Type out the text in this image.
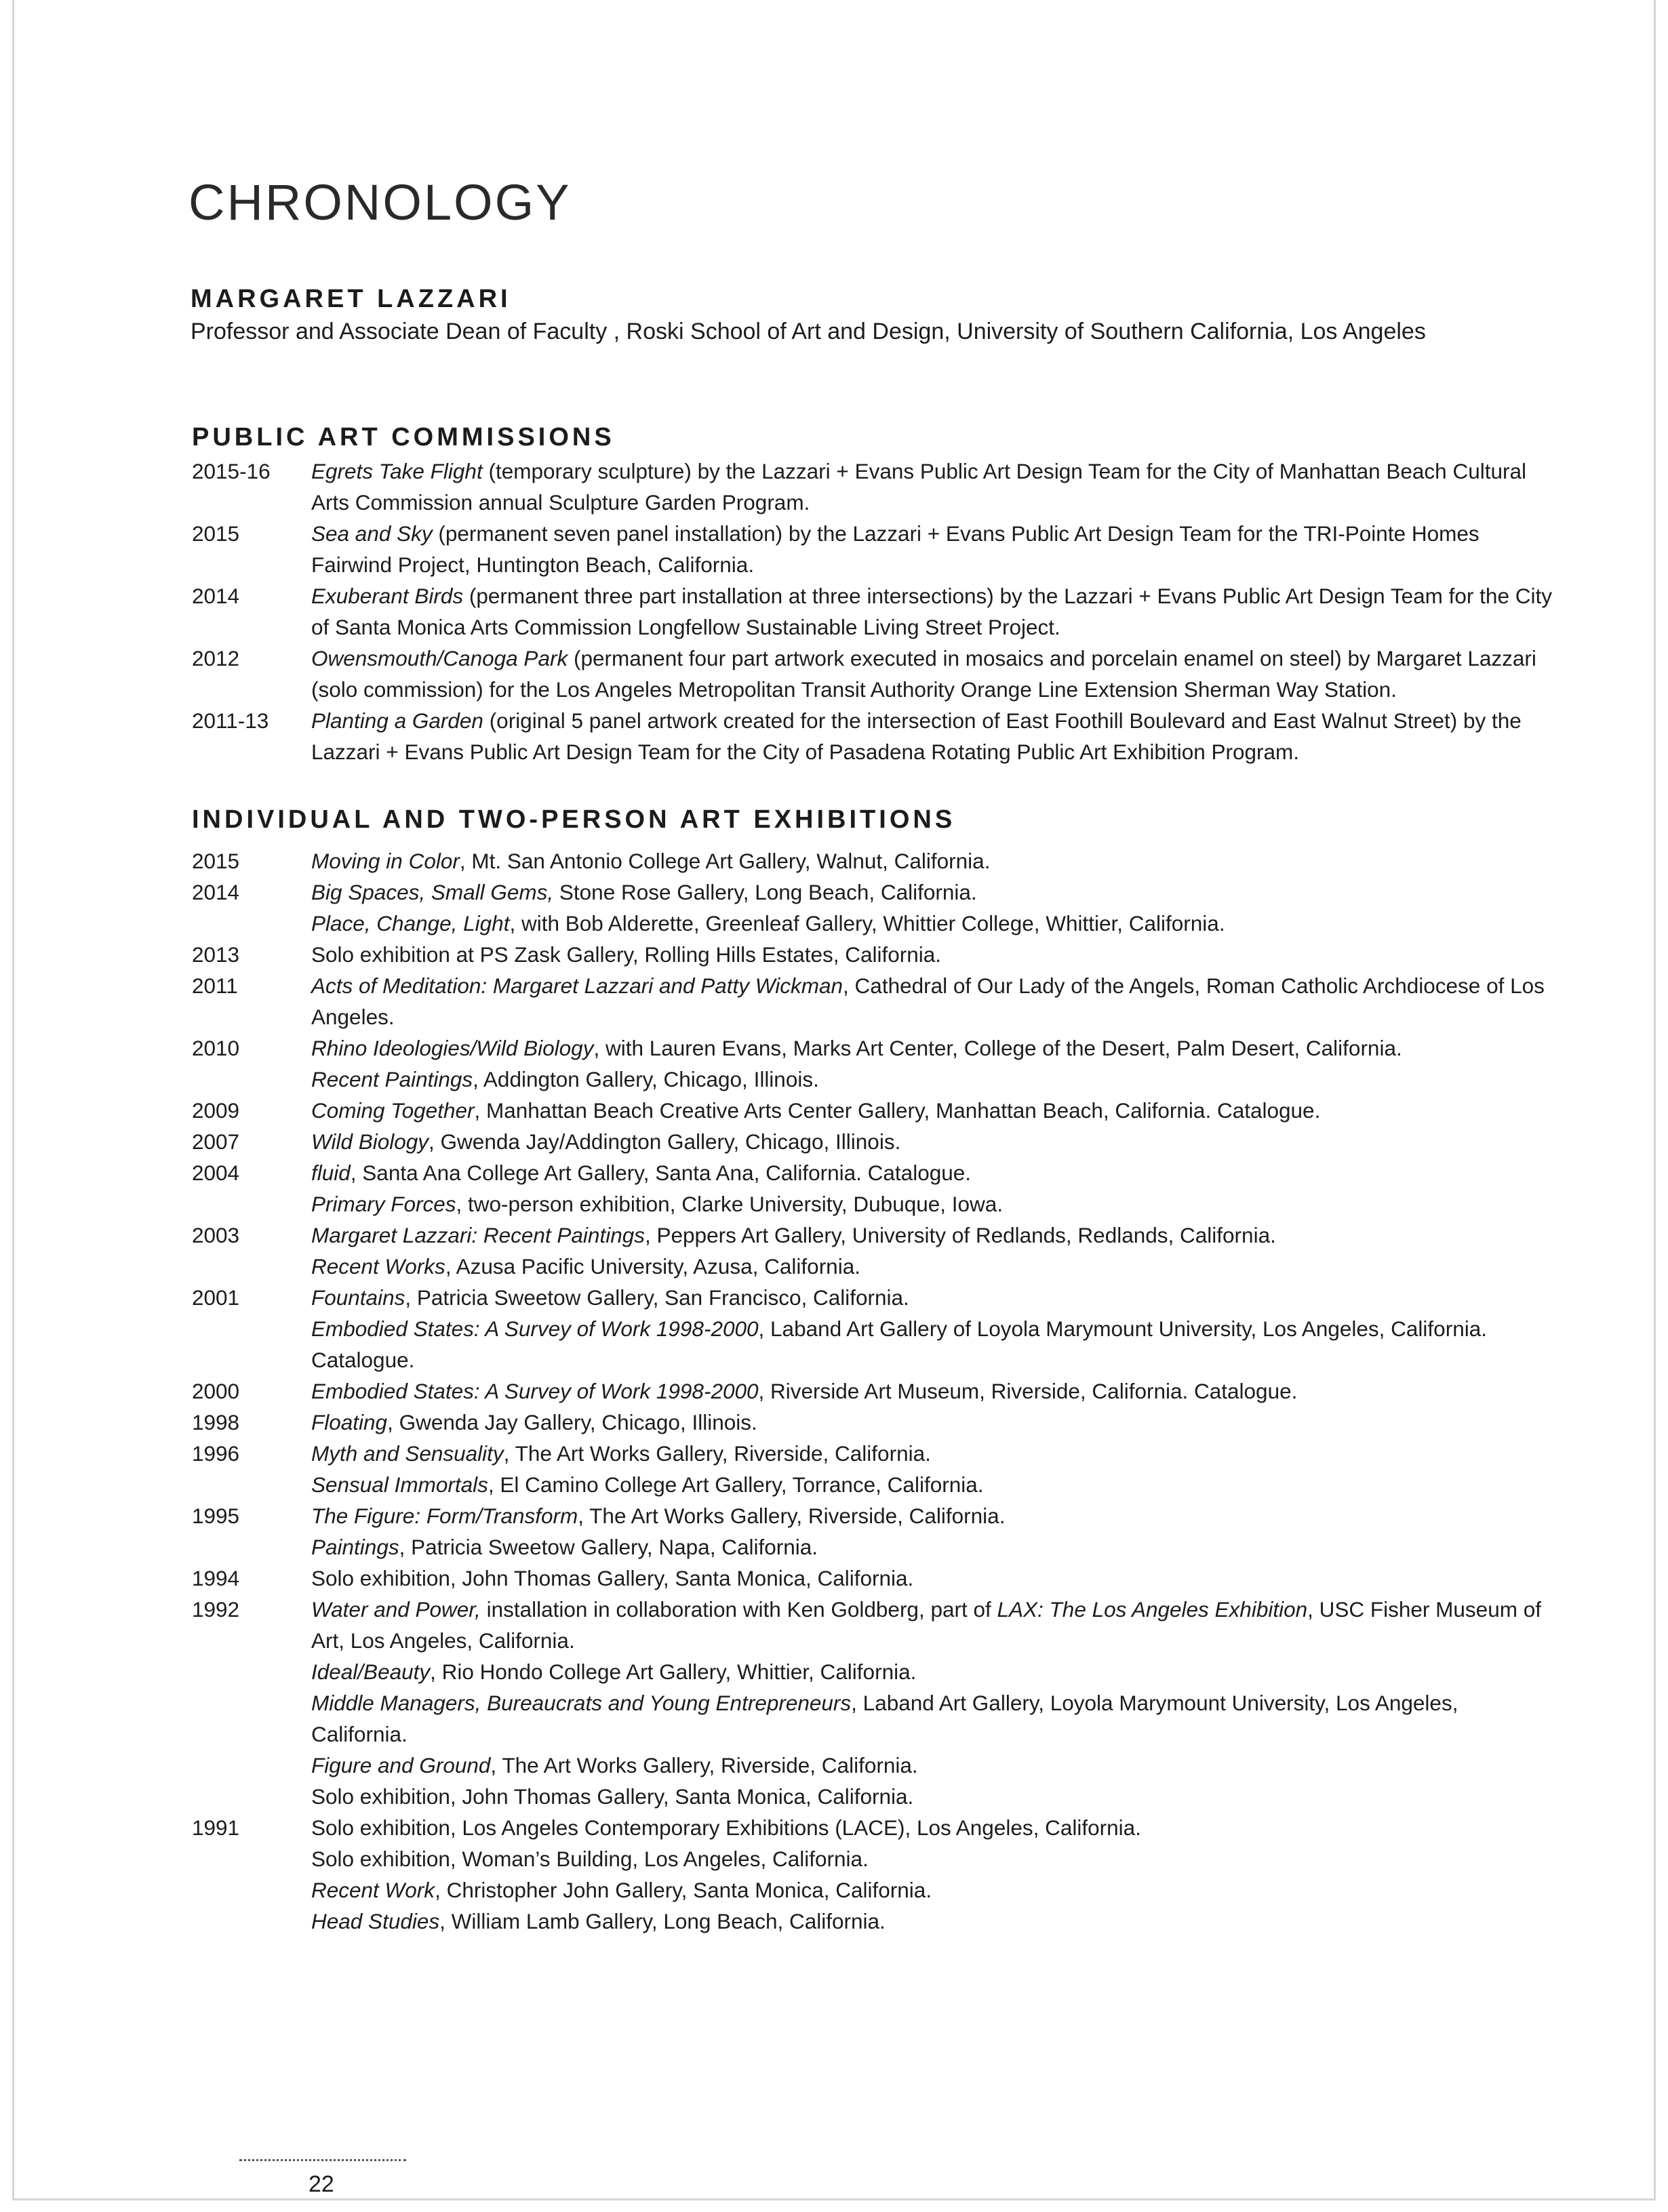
CHRONOLOGY
MARGARET LAZZARI
Professor and Associate Dean of Faculty , Roski School of Art and Design, University of Southern California, Los Angeles
PUBLIC ART COMMISSIONS
2015-16	Egrets Take Flight (temporary sculpture) by the Lazzari + Evans Public Art Design Team for the City of Manhattan Beach Cultural Arts Commission annual Sculpture Garden Program.
2015	Sea and Sky (permanent seven panel installation) by the Lazzari + Evans Public Art Design Team for the TRI-Pointe Homes Fairwind Project, Huntington Beach, California.
2014	Exuberant Birds (permanent three part installation at three intersections) by the Lazzari + Evans Public Art Design Team for the City of Santa Monica Arts Commission Longfellow Sustainable Living Street Project.
2012	Owensmouth/Canoga Park (permanent four part artwork executed in mosaics and porcelain enamel on steel) by Margaret Lazzari (solo commission) for the Los Angeles Metropolitan Transit Authority Orange Line Extension Sherman Way Station.
2011-13	Planting a Garden (original 5 panel artwork created for the intersection of East Foothill Boulevard and East Walnut Street) by the Lazzari + Evans Public Art Design Team for the City of Pasadena Rotating Public Art Exhibition Program.
INDIVIDUAL AND TWO-PERSON ART EXHIBITIONS
2015	Moving in Color, Mt. San Antonio College Art Gallery, Walnut, California.
2014	Big Spaces, Small Gems, Stone Rose Gallery, Long Beach, California.
Place, Change, Light, with Bob Alderette, Greenleaf Gallery, Whittier College, Whittier, California.
2013	Solo exhibition at PS Zask Gallery, Rolling Hills Estates, California.
2011	Acts of Meditation: Margaret Lazzari and Patty Wickman, Cathedral of Our Lady of the Angels, Roman Catholic Archdiocese of Los Angeles.
2010	Rhino Ideologies/Wild Biology, with Lauren Evans, Marks Art Center, College of the Desert, Palm Desert, California.
Recent Paintings, Addington Gallery, Chicago, Illinois.
2009	Coming Together, Manhattan Beach Creative Arts Center Gallery, Manhattan Beach, California. Catalogue.
2007	Wild Biology, Gwenda Jay/Addington Gallery, Chicago, Illinois.
2004	fluid, Santa Ana College Art Gallery, Santa Ana, California. Catalogue.
Primary Forces, two-person exhibition, Clarke University, Dubuque, Iowa.
2003	Margaret Lazzari: Recent Paintings, Peppers Art Gallery, University of Redlands, Redlands, California.
Recent Works, Azusa Pacific University, Azusa, California.
2001	Fountains, Patricia Sweetow Gallery, San Francisco, California.
Embodied States: A Survey of Work 1998-2000, Laband Art Gallery of Loyola Marymount University, Los Angeles, California. Catalogue.
2000	Embodied States: A Survey of Work 1998-2000, Riverside Art Museum, Riverside, California. Catalogue.
1998	Floating, Gwenda Jay Gallery, Chicago, Illinois.
1996	Myth and Sensuality, The Art Works Gallery, Riverside, California.
Sensual Immortals, El Camino College Art Gallery, Torrance, California.
1995	The Figure: Form/Transform, The Art Works Gallery, Riverside, California.
Paintings, Patricia Sweetow Gallery, Napa, California.
1994	Solo exhibition, John Thomas Gallery, Santa Monica, California.
1992	Water and Power, installation in collaboration with Ken Goldberg, part of LAX: The Los Angeles Exhibition, USC Fisher Museum of Art, Los Angeles, California.
Ideal/Beauty, Rio Hondo College Art Gallery, Whittier, California.
Middle Managers, Bureaucrats and Young Entrepreneurs, Laband Art Gallery, Loyola Marymount University, Los Angeles, California.
Figure and Ground, The Art Works Gallery, Riverside, California.
Solo exhibition, John Thomas Gallery, Santa Monica, California.
1991	Solo exhibition, Los Angeles Contemporary Exhibitions (LACE), Los Angeles, California.
Solo exhibition, Woman’s Building, Los Angeles, California.
Recent Work, Christopher John Gallery, Santa Monica, California.
Head Studies, William Lamb Gallery, Long Beach, California.
22
